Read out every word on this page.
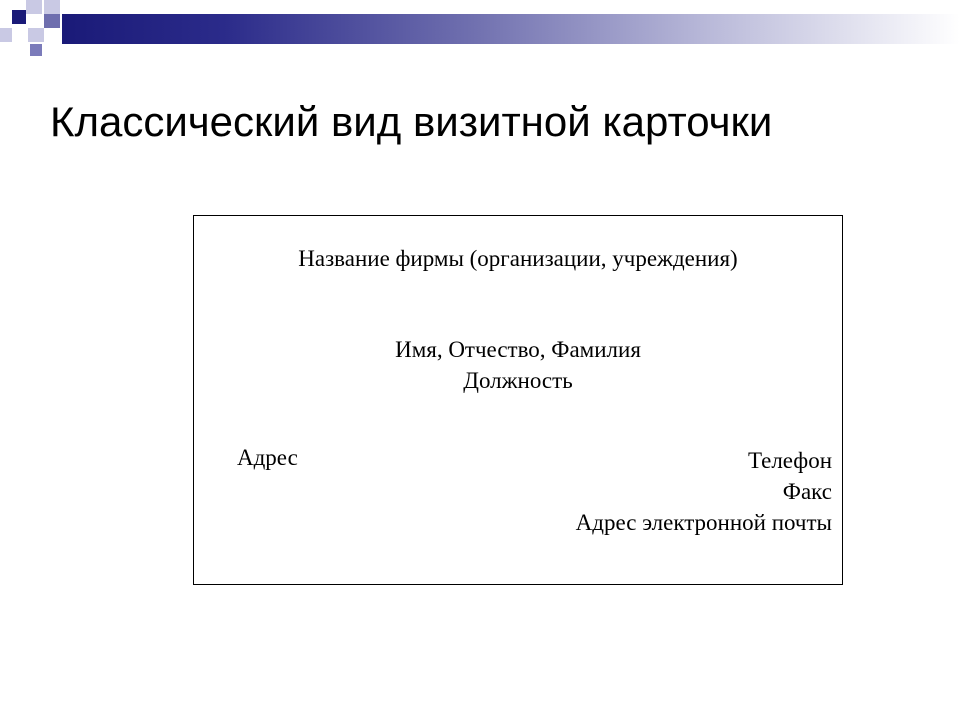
Классический вид визитной карточки
Название фирмы (организации, учреждения)
Имя, Отчество, Фамилия
Должность
Адрес	Телефон
Факс
Адрес электронной почты
